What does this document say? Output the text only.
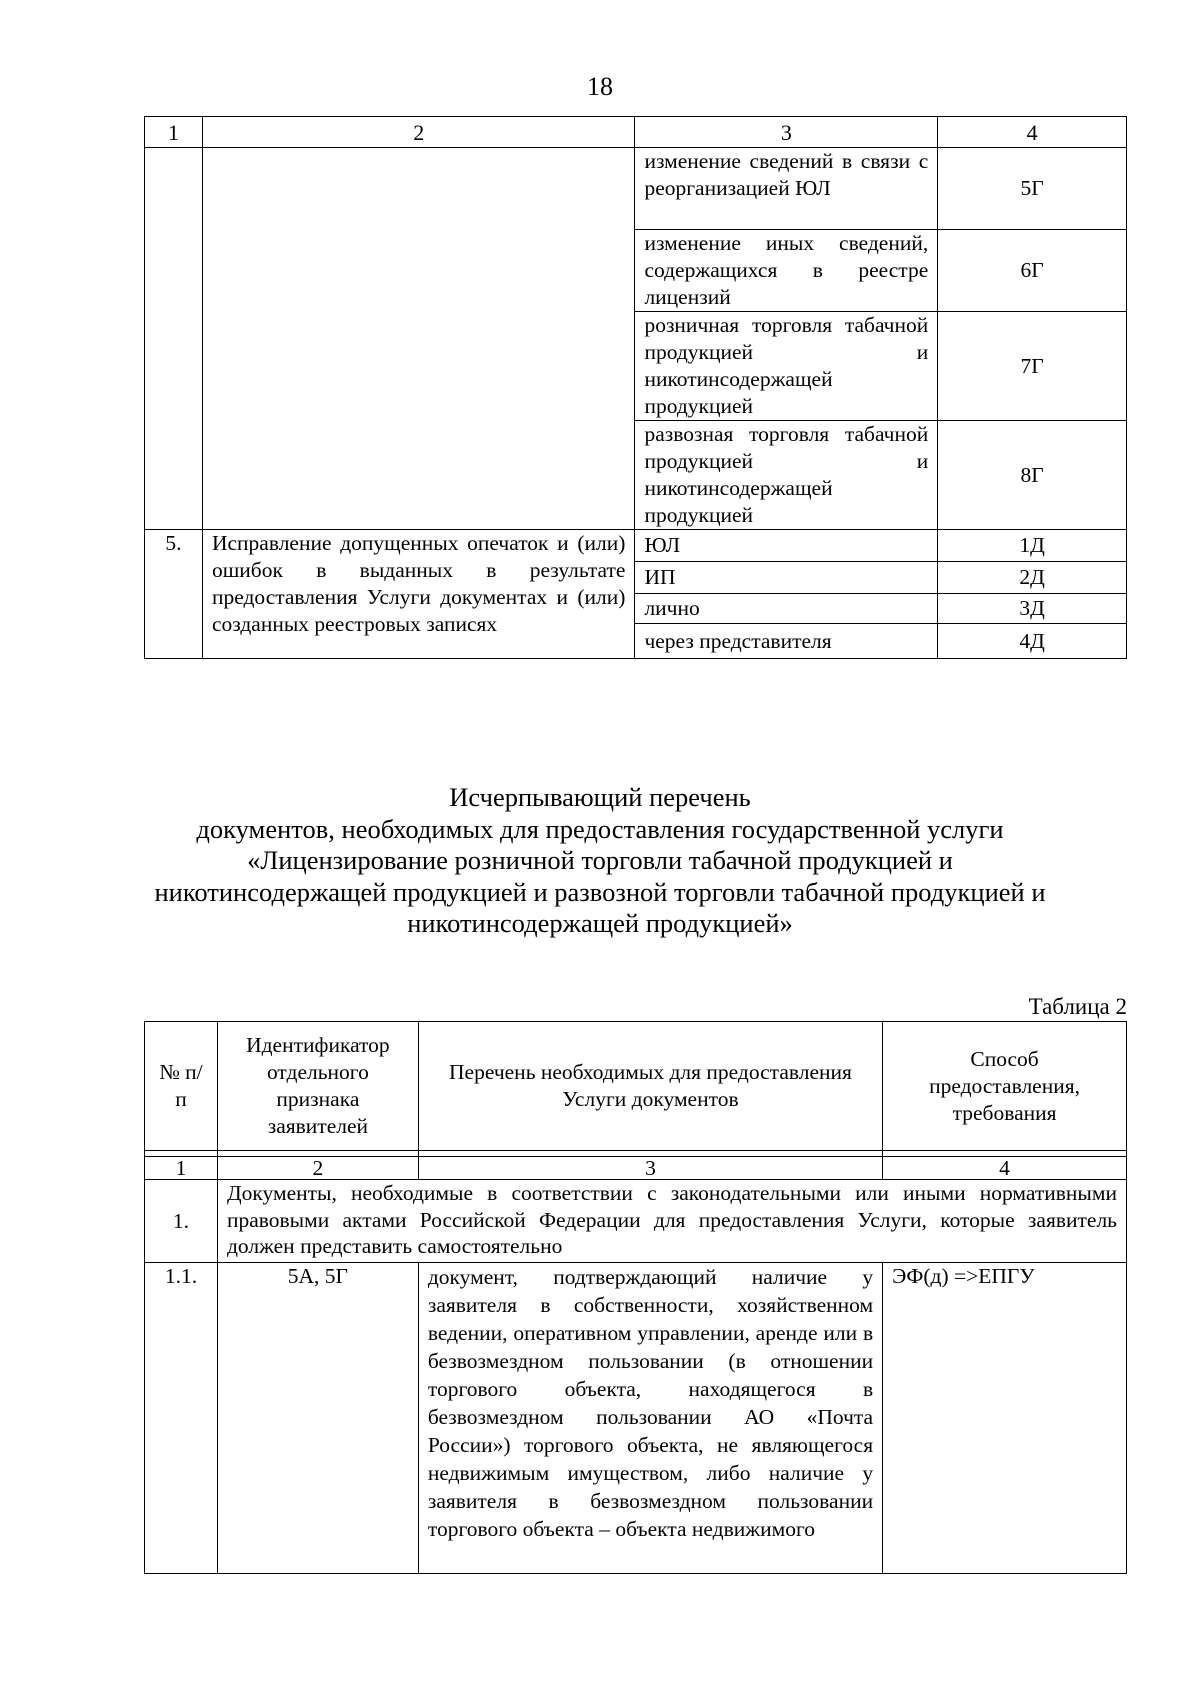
18
1	2	3	4
		изменение сведений в связи с реорганизацией ЮЛ	5Г
		изменение иных сведений, содержащихся в реестре лицензий	6Г
		розничная торговля табачной продукцией и никотинсодержащей продукцией	7Г
		развозная торговля табачной продукцией и никотинсодержащей продукцией	8Г
5.	Исправление допущенных опечаток и (или) ошибок в выданных в результате предоставления Услуги документах и (или) созданных реестровых записях	ЮЛ	1Д
		ИП	2Д
		лично	3Д
		через представителя	4Д
Исчерпывающий перечень
документов, необходимых для предоставления государственной услуги
«Лицензирование розничной торговли табачной продукцией и
никотинсодержащей продукцией и развозной торговли табачной продукцией и
никотинсодержащей продукцией»
Таблица 2
№ п/п	Идентификатор отдельного признака заявителей	Перечень необходимых для предоставления Услуги документов	Способ предоставления, требования

1	2	3	4
1.	Документы, необходимые в соответствии с законодательными или иными нормативными правовыми актами Российской Федерации для предоставления Услуги, которые заявитель должен представить самостоятельно		
1.1.	5А, 5Г	документ, подтверждающий наличие у заявителя в собственности, хозяйственном ведении, оперативном управлении, аренде или в безвозмездном пользовании (в отношении торгового объекта, находящегося в безвозмездном пользовании АО «Почта России») торгового объекта, не являющегося недвижимым имуществом, либо наличие у заявителя в безвозмездном пользовании торгового объекта – объекта недвижимого	ЭФ(д) =>ЕПГУ
